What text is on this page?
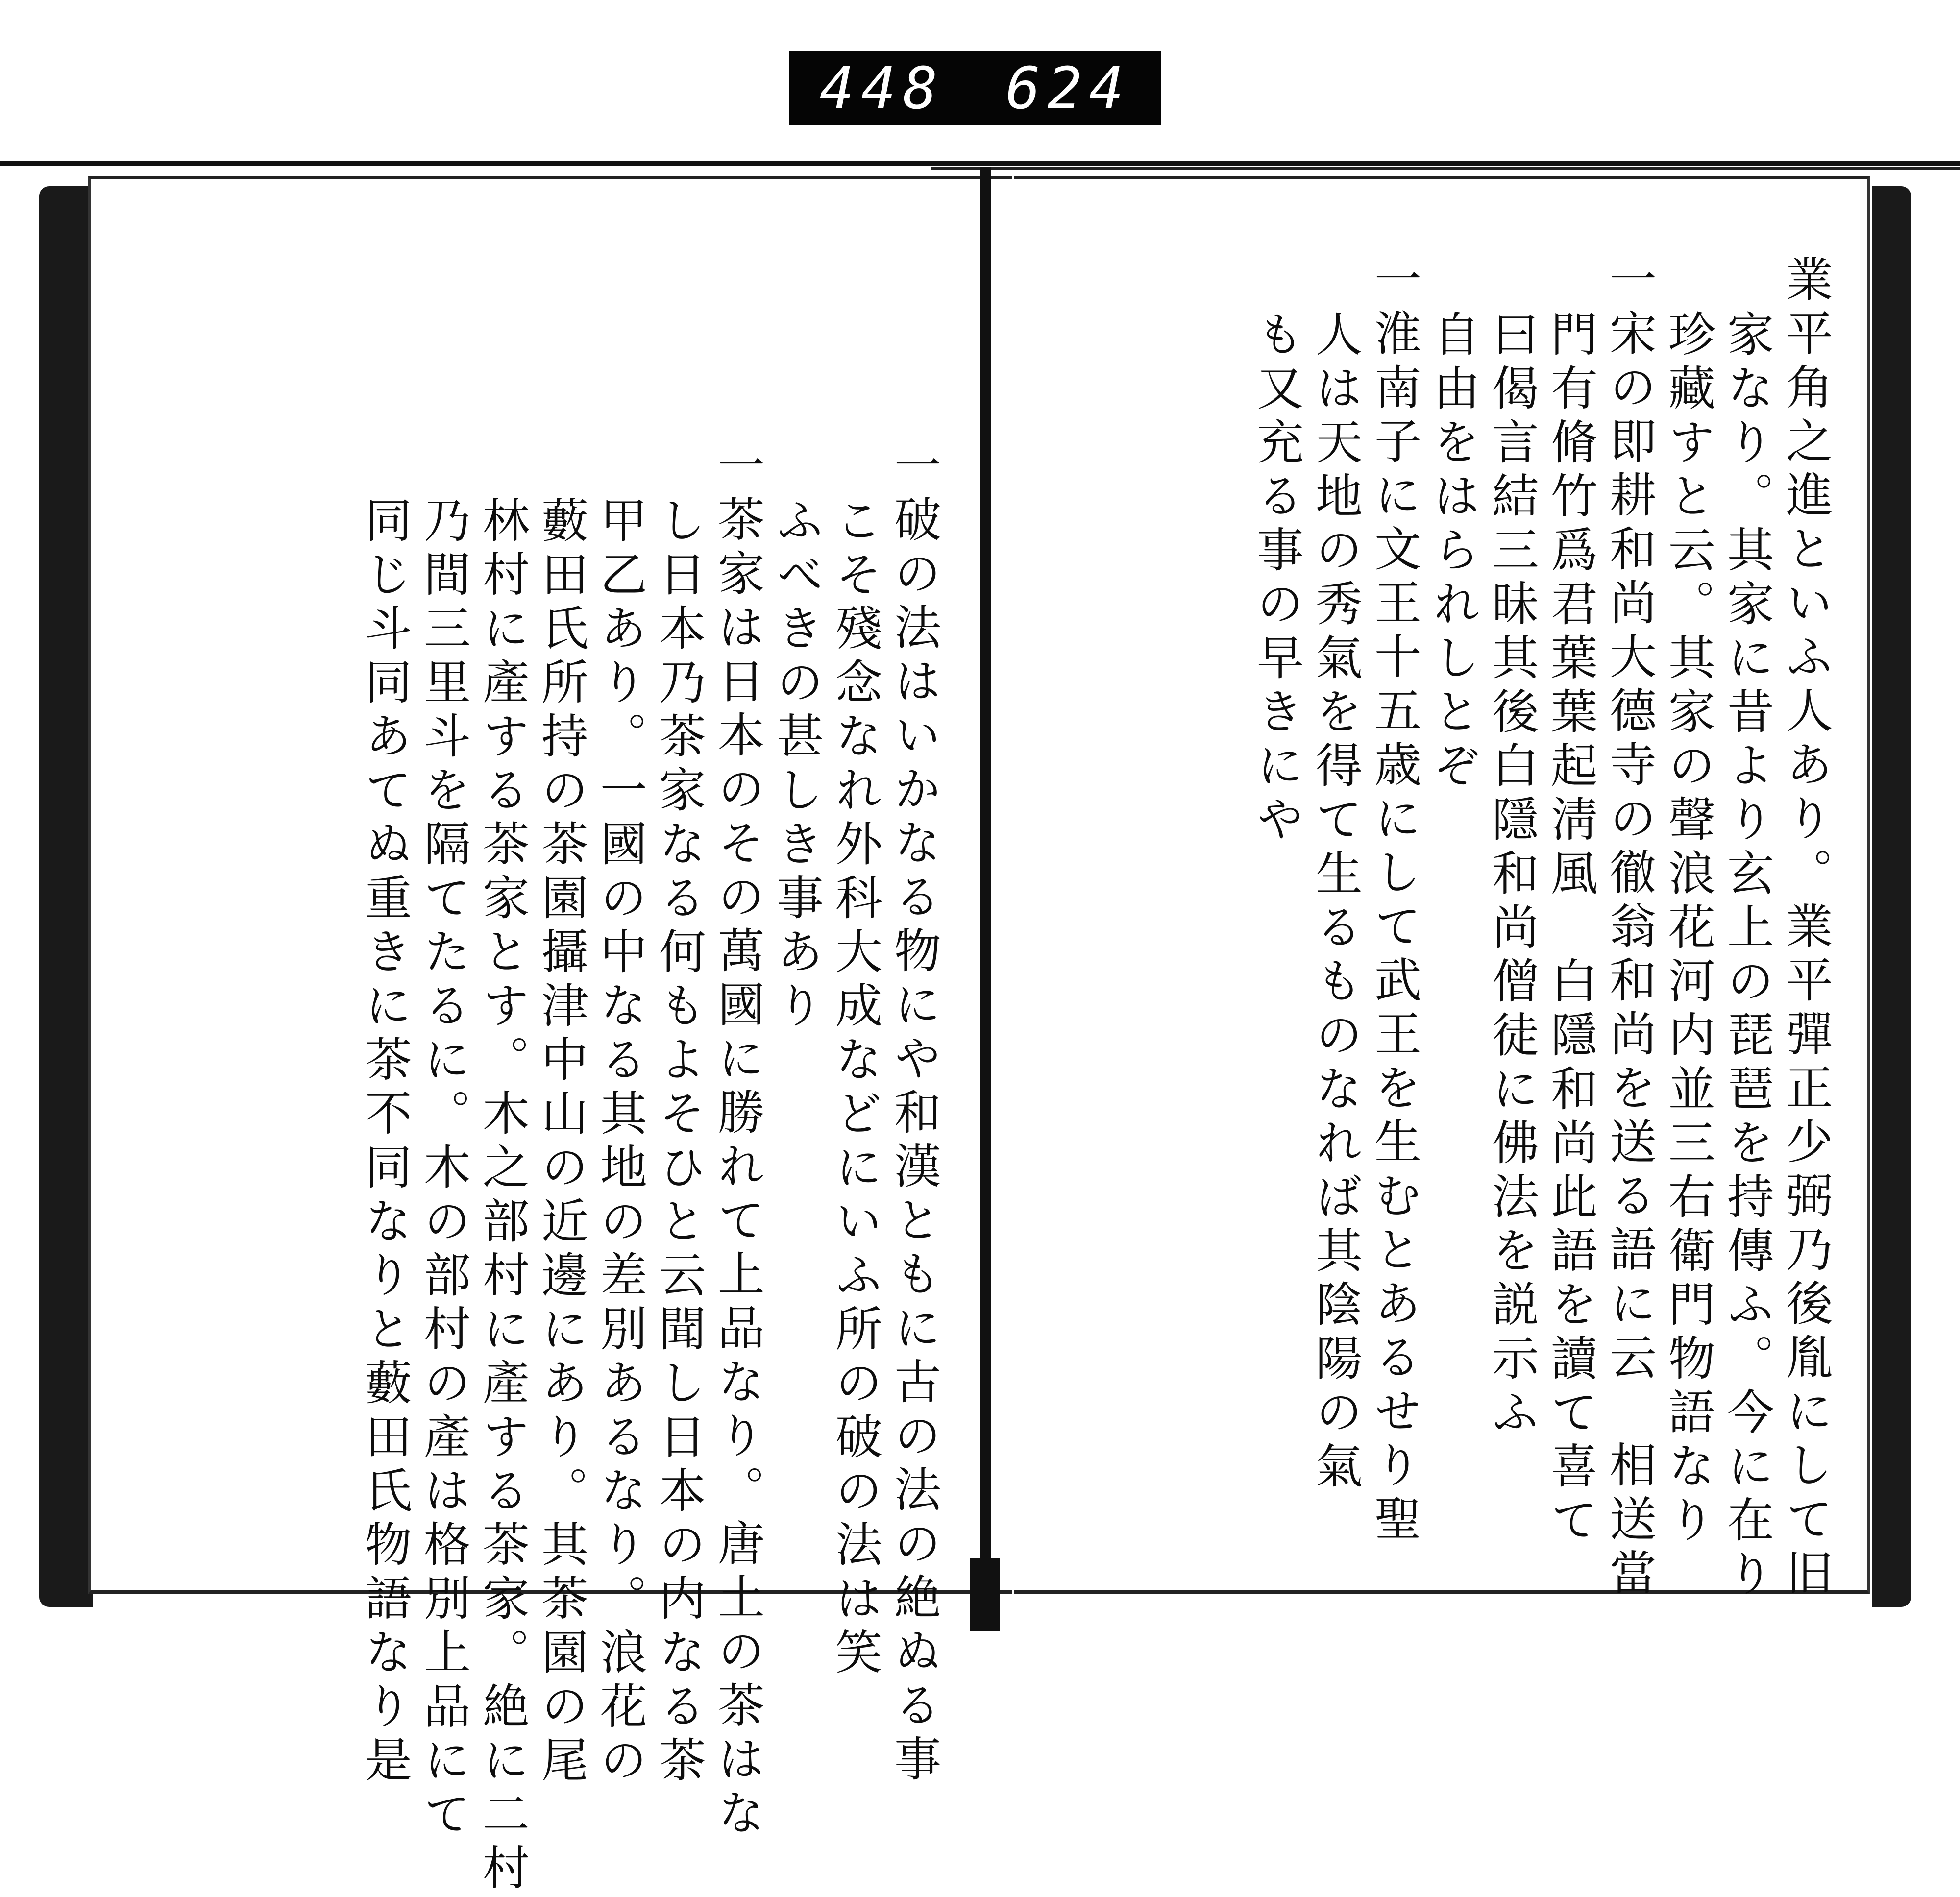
448 624
業平角之進といふ人あり。業平彈正少弼乃後胤にして旧
家なり。其家に昔より玄上の琵琶を持傳ふ。今に在り
珍藏すと云。其家の聲浪花河内並三右衛門物語なり
一宋の即耕和尚大德寺の徹翁和尚を送る語に云　相送當
門有脩竹爲君葉葉起淸風　白隱和尚此語を讀て喜て
曰偈言結三昧其後白隱和尚僧徒に佛法を説示ふ
自由をはられしとぞ
一淮南子に文王十五歳にして武王を生むとあるせり聖
人は天地の秀氣を得て生るものなれば其陰陽の氣
も又充る事の早きにや
一破の法はいかなる物にや和漢ともに古の法の絶ぬる事
こそ殘念なれ外科大成などにいふ所の破の法は笑
ふべきの甚しき事あり
一茶家は日本のその萬國に勝れて上品なり。唐土の茶はな
し日本乃茶家なる何もよそひと云聞し日本の内なる茶
甲乙あり。一國の中なる其地の差別あるなり。浪花の
藪田氏所持の茶園攝津中山の近邊にあり。其茶園の尾
林村に產する茶家とす。木之部村に產する茶家。絶に二村
乃間三里斗を隔てたるに。木の部村の產は格別上品にて
同じ斗同あてぬ重きに茶不同なりと藪田氏物語なり是
